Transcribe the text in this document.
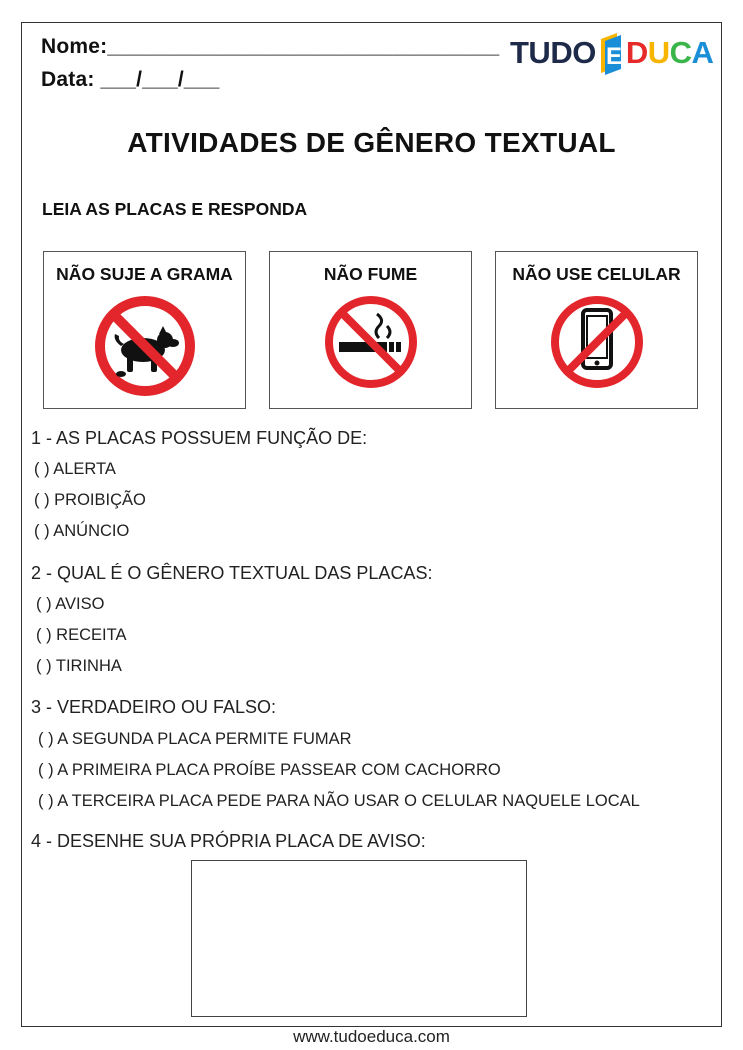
Nome:_________________________________
Data: ___/___/___
TUDO E D U C A
ATIVIDADES DE GÊNERO TEXTUAL
LEIA AS PLACAS E RESPONDA
NÃO SUJE A GRAMA	NÃO FUME	NÃO USE CELULAR
1 - AS PLACAS POSSUEM FUNÇÃO DE:
( ) ALERTA
( ) PROIBIÇÃO
( ) ANÚNCIO
2 - QUAL É O GÊNERO TEXTUAL DAS PLACAS:
( ) AVISO
( ) RECEITA
( ) TIRINHA
3 - VERDADEIRO OU FALSO:
( ) A SEGUNDA PLACA PERMITE FUMAR
( ) A PRIMEIRA PLACA PROÍBE PASSEAR COM CACHORRO
( ) A TERCEIRA PLACA PEDE PARA NÃO USAR O CELULAR NAQUELE LOCAL
4 - DESENHE SUA PRÓPRIA PLACA DE AVISO:
www.tudoeduca.com
